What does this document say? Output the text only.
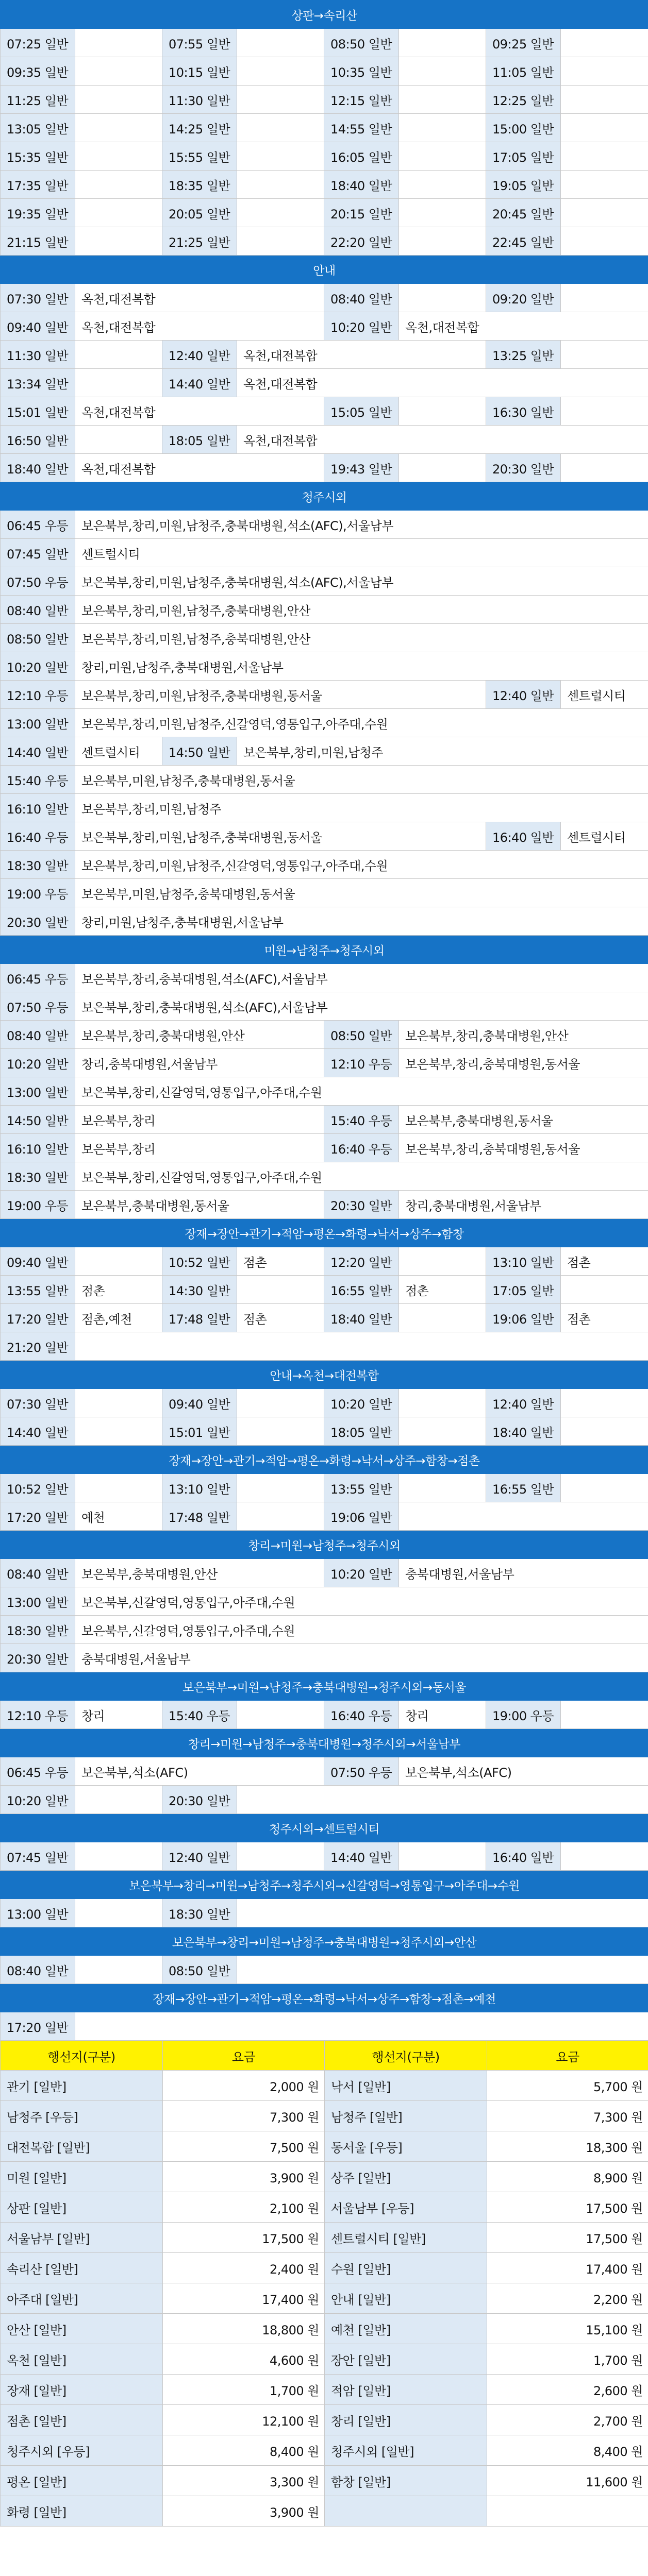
상판→속리산							
07:25 일반		07:55 일반		08:50 일반		09:25 일반	
09:35 일반		10:15 일반		10:35 일반		11:05 일반	
11:25 일반		11:30 일반		12:15 일반		12:25 일반	
13:05 일반		14:25 일반		14:55 일반		15:00 일반	
15:35 일반		15:55 일반		16:05 일반		17:05 일반	
17:35 일반		18:35 일반		18:40 일반		19:05 일반	
19:35 일반		20:05 일반		20:15 일반		20:45 일반	
21:15 일반		21:25 일반		22:20 일반		22:45 일반	
안내							
07:30 일반	옥천,대전복합			08:40 일반		09:20 일반	
09:40 일반	옥천,대전복합			10:20 일반	옥천,대전복합		
11:30 일반		12:40 일반	옥천,대전복합			13:25 일반	
13:34 일반		14:40 일반	옥천,대전복합				
15:01 일반	옥천,대전복합			15:05 일반		16:30 일반	
16:50 일반		18:05 일반	옥천,대전복합				
18:40 일반	옥천,대전복합			19:43 일반		20:30 일반	
청주시외							
06:45 우등	보은북부,창리,미원,남청주,충북대병원,석소(AFC),서울남부						
07:45 일반	센트럴시티						
07:50 우등	보은북부,창리,미원,남청주,충북대병원,석소(AFC),서울남부						
08:40 일반	보은북부,창리,미원,남청주,충북대병원,안산						
08:50 일반	보은북부,창리,미원,남청주,충북대병원,안산						
10:20 일반	창리,미원,남청주,충북대병원,서울남부						
12:10 우등	보은북부,창리,미원,남청주,충북대병원,동서울					12:40 일반	센트럴시티
13:00 일반	보은북부,창리,미원,남청주,신갈영덕,영통입구,아주대,수원						
14:40 일반	센트럴시티	14:50 일반	보은북부,창리,미원,남청주				
15:40 우등	보은북부,미원,남청주,충북대병원,동서울						
16:10 일반	보은북부,창리,미원,남청주						
16:40 우등	보은북부,창리,미원,남청주,충북대병원,동서울					16:40 일반	센트럴시티
18:30 일반	보은북부,창리,미원,남청주,신갈영덕,영통입구,아주대,수원						
19:00 우등	보은북부,미원,남청주,충북대병원,동서울						
20:30 일반	창리,미원,남청주,충북대병원,서울남부						
미원→남청주→청주시외							
06:45 우등	보은북부,창리,충북대병원,석소(AFC),서울남부						
07:50 우등	보은북부,창리,충북대병원,석소(AFC),서울남부						
08:40 일반	보은북부,창리,충북대병원,안산			08:50 일반	보은북부,창리,충북대병원,안산		
10:20 일반	창리,충북대병원,서울남부			12:10 우등	보은북부,창리,충북대병원,동서울		
13:00 일반	보은북부,창리,신갈영덕,영통입구,아주대,수원						
14:50 일반	보은북부,창리			15:40 우등	보은북부,충북대병원,동서울		
16:10 일반	보은북부,창리			16:40 우등	보은북부,창리,충북대병원,동서울		
18:30 일반	보은북부,창리,신갈영덕,영통입구,아주대,수원						
19:00 우등	보은북부,충북대병원,동서울			20:30 일반	창리,충북대병원,서울남부		
장재→장안→관기→적암→평온→화령→낙서→상주→함창							
09:40 일반		10:52 일반	점촌	12:20 일반		13:10 일반	점촌
13:55 일반	점촌	14:30 일반		16:55 일반	점촌	17:05 일반	
17:20 일반	점촌,예천	17:48 일반	점촌	18:40 일반		19:06 일반	점촌
21:20 일반							
안내→옥천→대전복합							
07:30 일반		09:40 일반		10:20 일반		12:40 일반	
14:40 일반		15:01 일반		18:05 일반		18:40 일반	
장재→장안→관기→적암→평온→화령→낙서→상주→함창→점촌							
10:52 일반		13:10 일반		13:55 일반		16:55 일반	
17:20 일반	예천	17:48 일반		19:06 일반			
창리→미원→남청주→청주시외							
08:40 일반	보은북부,충북대병원,안산			10:20 일반	충북대병원,서울남부		
13:00 일반	보은북부,신갈영덕,영통입구,아주대,수원						
18:30 일반	보은북부,신갈영덕,영통입구,아주대,수원						
20:30 일반	충북대병원,서울남부						
보은북부→미원→남청주→충북대병원→청주시외→동서울							
12:10 우등	창리	15:40 우등		16:40 우등	창리	19:00 우등	
창리→미원→남청주→충북대병원→청주시외→서울남부							
06:45 우등	보은북부,석소(AFC)			07:50 우등	보은북부,석소(AFC)		
10:20 일반		20:30 일반					
청주시외→센트럴시티							
07:45 일반		12:40 일반		14:40 일반		16:40 일반	
보은북부→창리→미원→남청주→청주시외→신갈영덕→영통입구→아주대→수원							
13:00 일반		18:30 일반					
보은북부→창리→미원→남청주→충북대병원→청주시외→안산							
08:40 일반		08:50 일반					
장재→장안→관기→적암→평온→화령→낙서→상주→함창→점촌→예천							
17:20 일반							
행선지(구분)	요금	행선지(구분)	요금
관기 [일반]	2,000 원	낙서 [일반]	5,700 원
남청주 [우등]	7,300 원	남청주 [일반]	7,300 원
대전복합 [일반]	7,500 원	동서울 [우등]	18,300 원
미원 [일반]	3,900 원	상주 [일반]	8,900 원
상판 [일반]	2,100 원	서울남부 [우등]	17,500 원
서울남부 [일반]	17,500 원	센트럴시티 [일반]	17,500 원
속리산 [일반]	2,400 원	수원 [일반]	17,400 원
아주대 [일반]	17,400 원	안내 [일반]	2,200 원
안산 [일반]	18,800 원	예천 [일반]	15,100 원
옥천 [일반]	4,600 원	장안 [일반]	1,700 원
장재 [일반]	1,700 원	적암 [일반]	2,600 원
점촌 [일반]	12,100 원	창리 [일반]	2,700 원
청주시외 [우등]	8,400 원	청주시외 [일반]	8,400 원
평온 [일반]	3,300 원	함창 [일반]	11,600 원
화령 [일반]	3,900 원		
